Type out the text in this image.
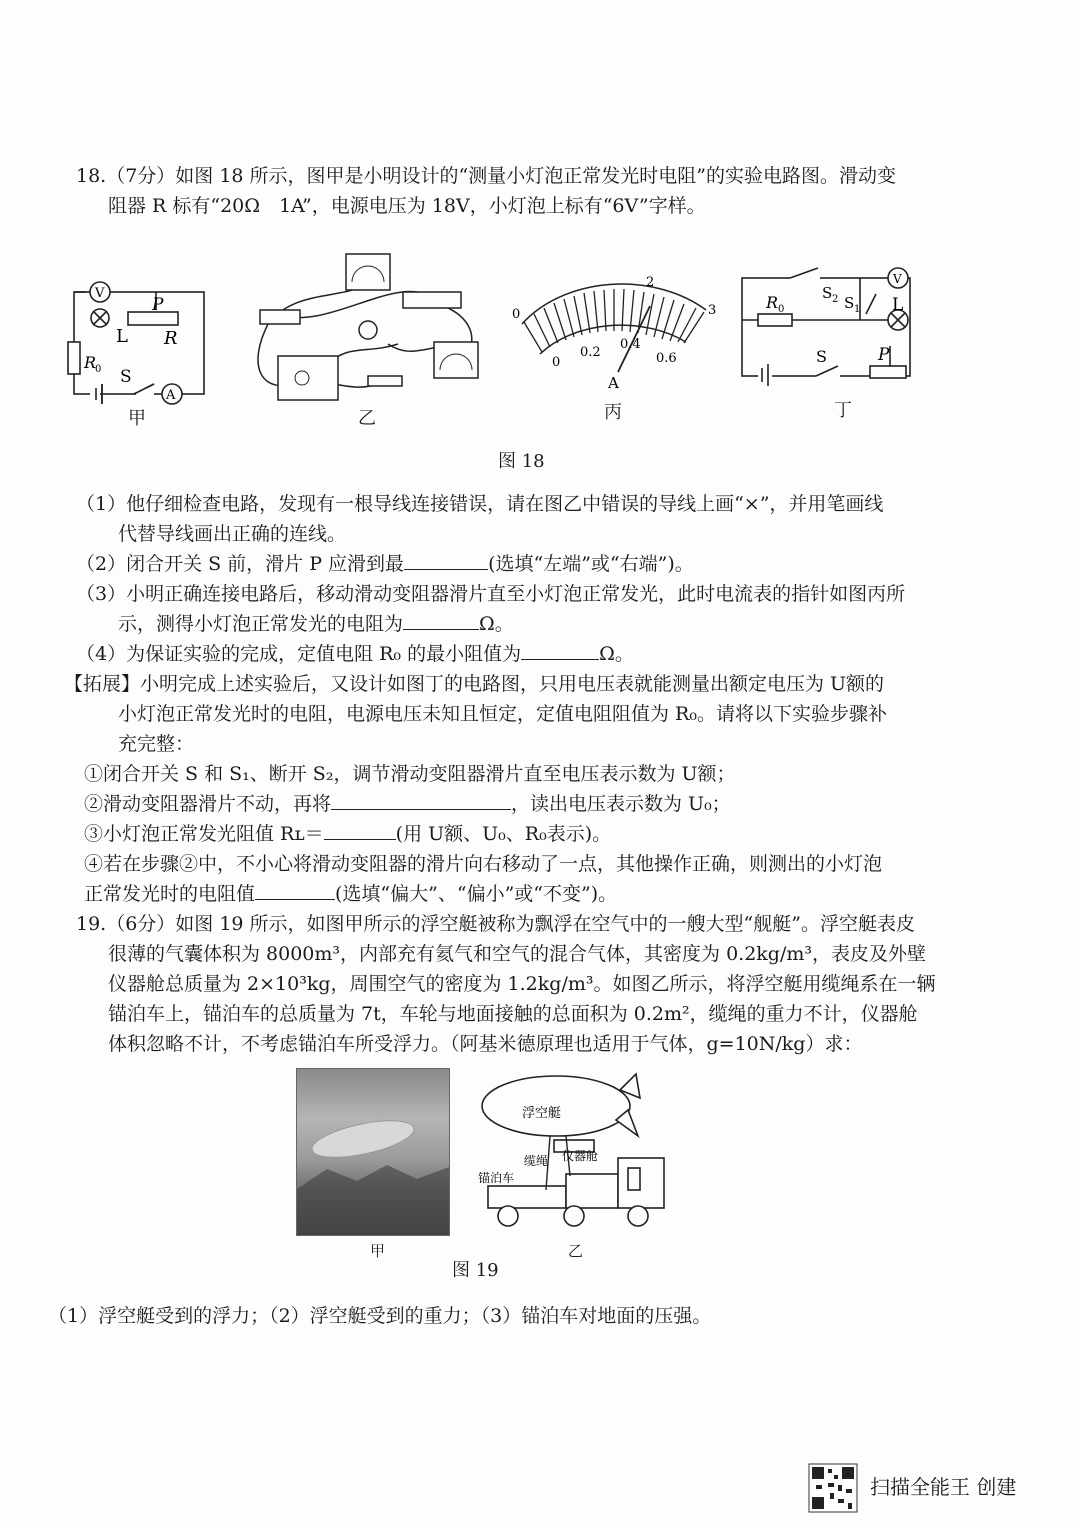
18.（7分）如图 18 所示，图甲是小明设计的“测量小灯泡正常发光时电阻”的实验电路图。滑动变
阻器 R 标有“20Ω　1A”，电源电压为 18V，小灯泡上标有“6V”字样。
V
L
P
R
R
0 S
A
甲	乙
0
2
3
0
0.2
0.4
0.6
A
丙
V
L
R 0
S 2 S 1
S	P
丁
图 18
（1）他仔细检查电路，发现有一根导线连接错误，请在图乙中错误的导线上画“×”，并用笔画线
代替导线画出正确的连线。
（2）闭合开关 S 前，滑片 P 应滑到最	(选填“左端”或“右端”)。
（3）小明正确连接电路后，移动滑动变阻器滑片直至小灯泡正常发光，此时电流表的指针如图丙所
示，测得小灯泡正常发光的电阻为	Ω。
（4）为保证实验的完成，定值电阻 R₀ 的最小阻值为	Ω。
【拓展】小明完成上述实验后，又设计如图丁的电路图，只用电压表就能测量出额定电压为 U额的
小灯泡正常发光时的电阻，电源电压未知且恒定，定值电阻阻值为 R₀。请将以下实验步骤补
充完整：
①闭合开关 S 和 S₁、断开 S₂，调节滑动变阻器滑片直至电压表示数为 U额；
②滑动变阻器滑片不动，再将	，读出电压表示数为 U₀；
③小灯泡正常发光阻值 Rʟ＝	(用 U额、U₀、R₀表示)。
④若在步骤②中，不小心将滑动变阻器的滑片向右移动了一点，其他操作正确，则测出的小灯泡
正常发光时的电阻值	(选填“偏大”、“偏小”或“不变”)。
19.（6分）如图 19 所示，如图甲所示的浮空艇被称为飘浮在空气中的一艘大型“舰艇”。浮空艇表皮
很薄的气囊体积为 8000m³，内部充有氦气和空气的混合气体，其密度为 0.2kg/m³，表皮及外壁
仪器舱总质量为 2×10³kg，周围空气的密度为 1.2kg/m³。如图乙所示，将浮空艇用缆绳系在一辆
锚泊车上，锚泊车的总质量为 7t，车轮与地面接触的总面积为 0.2m²，缆绳的重力不计，仪器舱
体积忽略不计，不考虑锚泊车所受浮力。（阿基米德原理也适用于气体，g=10N/kg）求：
甲
浮空艇
缆绳 仪器舱
锚泊车
乙
图 19
（1）浮空艇受到的浮力；（2）浮空艇受到的重力；（3）锚泊车对地面的压强。
扫描全能王 创建
